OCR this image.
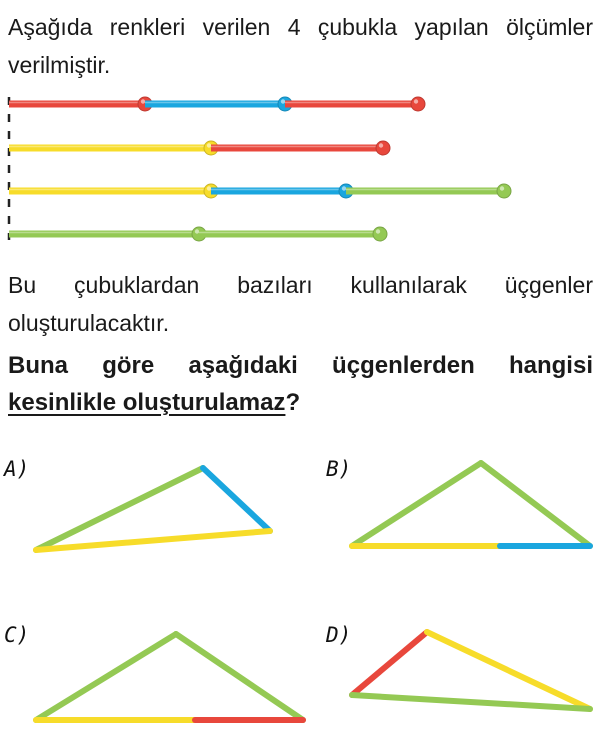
Aşağıda renkleri verilen 4 çubukla yapılan ölçümler verilmiştir.
Bu çubuklardan bazıları kullanılarak üçgenler oluşturulacaktır.
Buna göre aşağıdaki üçgenlerden hangisi kesinlikle oluşturulamaz?
A)	B)
C)	D)
